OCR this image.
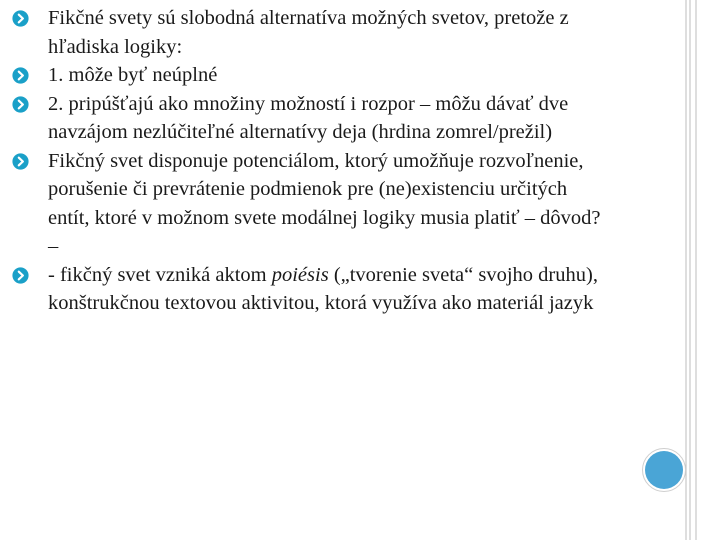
Fikčné svety sú slobodná alternatíva možných svetov, pretože z hľadiska logiky:
1. môže byť neúplné
2. pripúšťajú ako množiny možností i rozpor – môžu dávať dve navzájom nezlúčiteľné alternatívy deja (hrdina zomrel/prežil)
Fikčný svet disponuje potenciálom, ktorý umožňuje rozvoľnenie, porušenie či prevrátenie podmienok pre (ne)existenciu určitých entít, ktoré v možnom svete modálnej logiky musia platiť – dôvod? –
- fikčný svet vzniká aktom poiésis („tvorenie sveta“ svojho druhu), konštrukčnou textovou aktivitou, ktorá využíva ako materiál jazyk
